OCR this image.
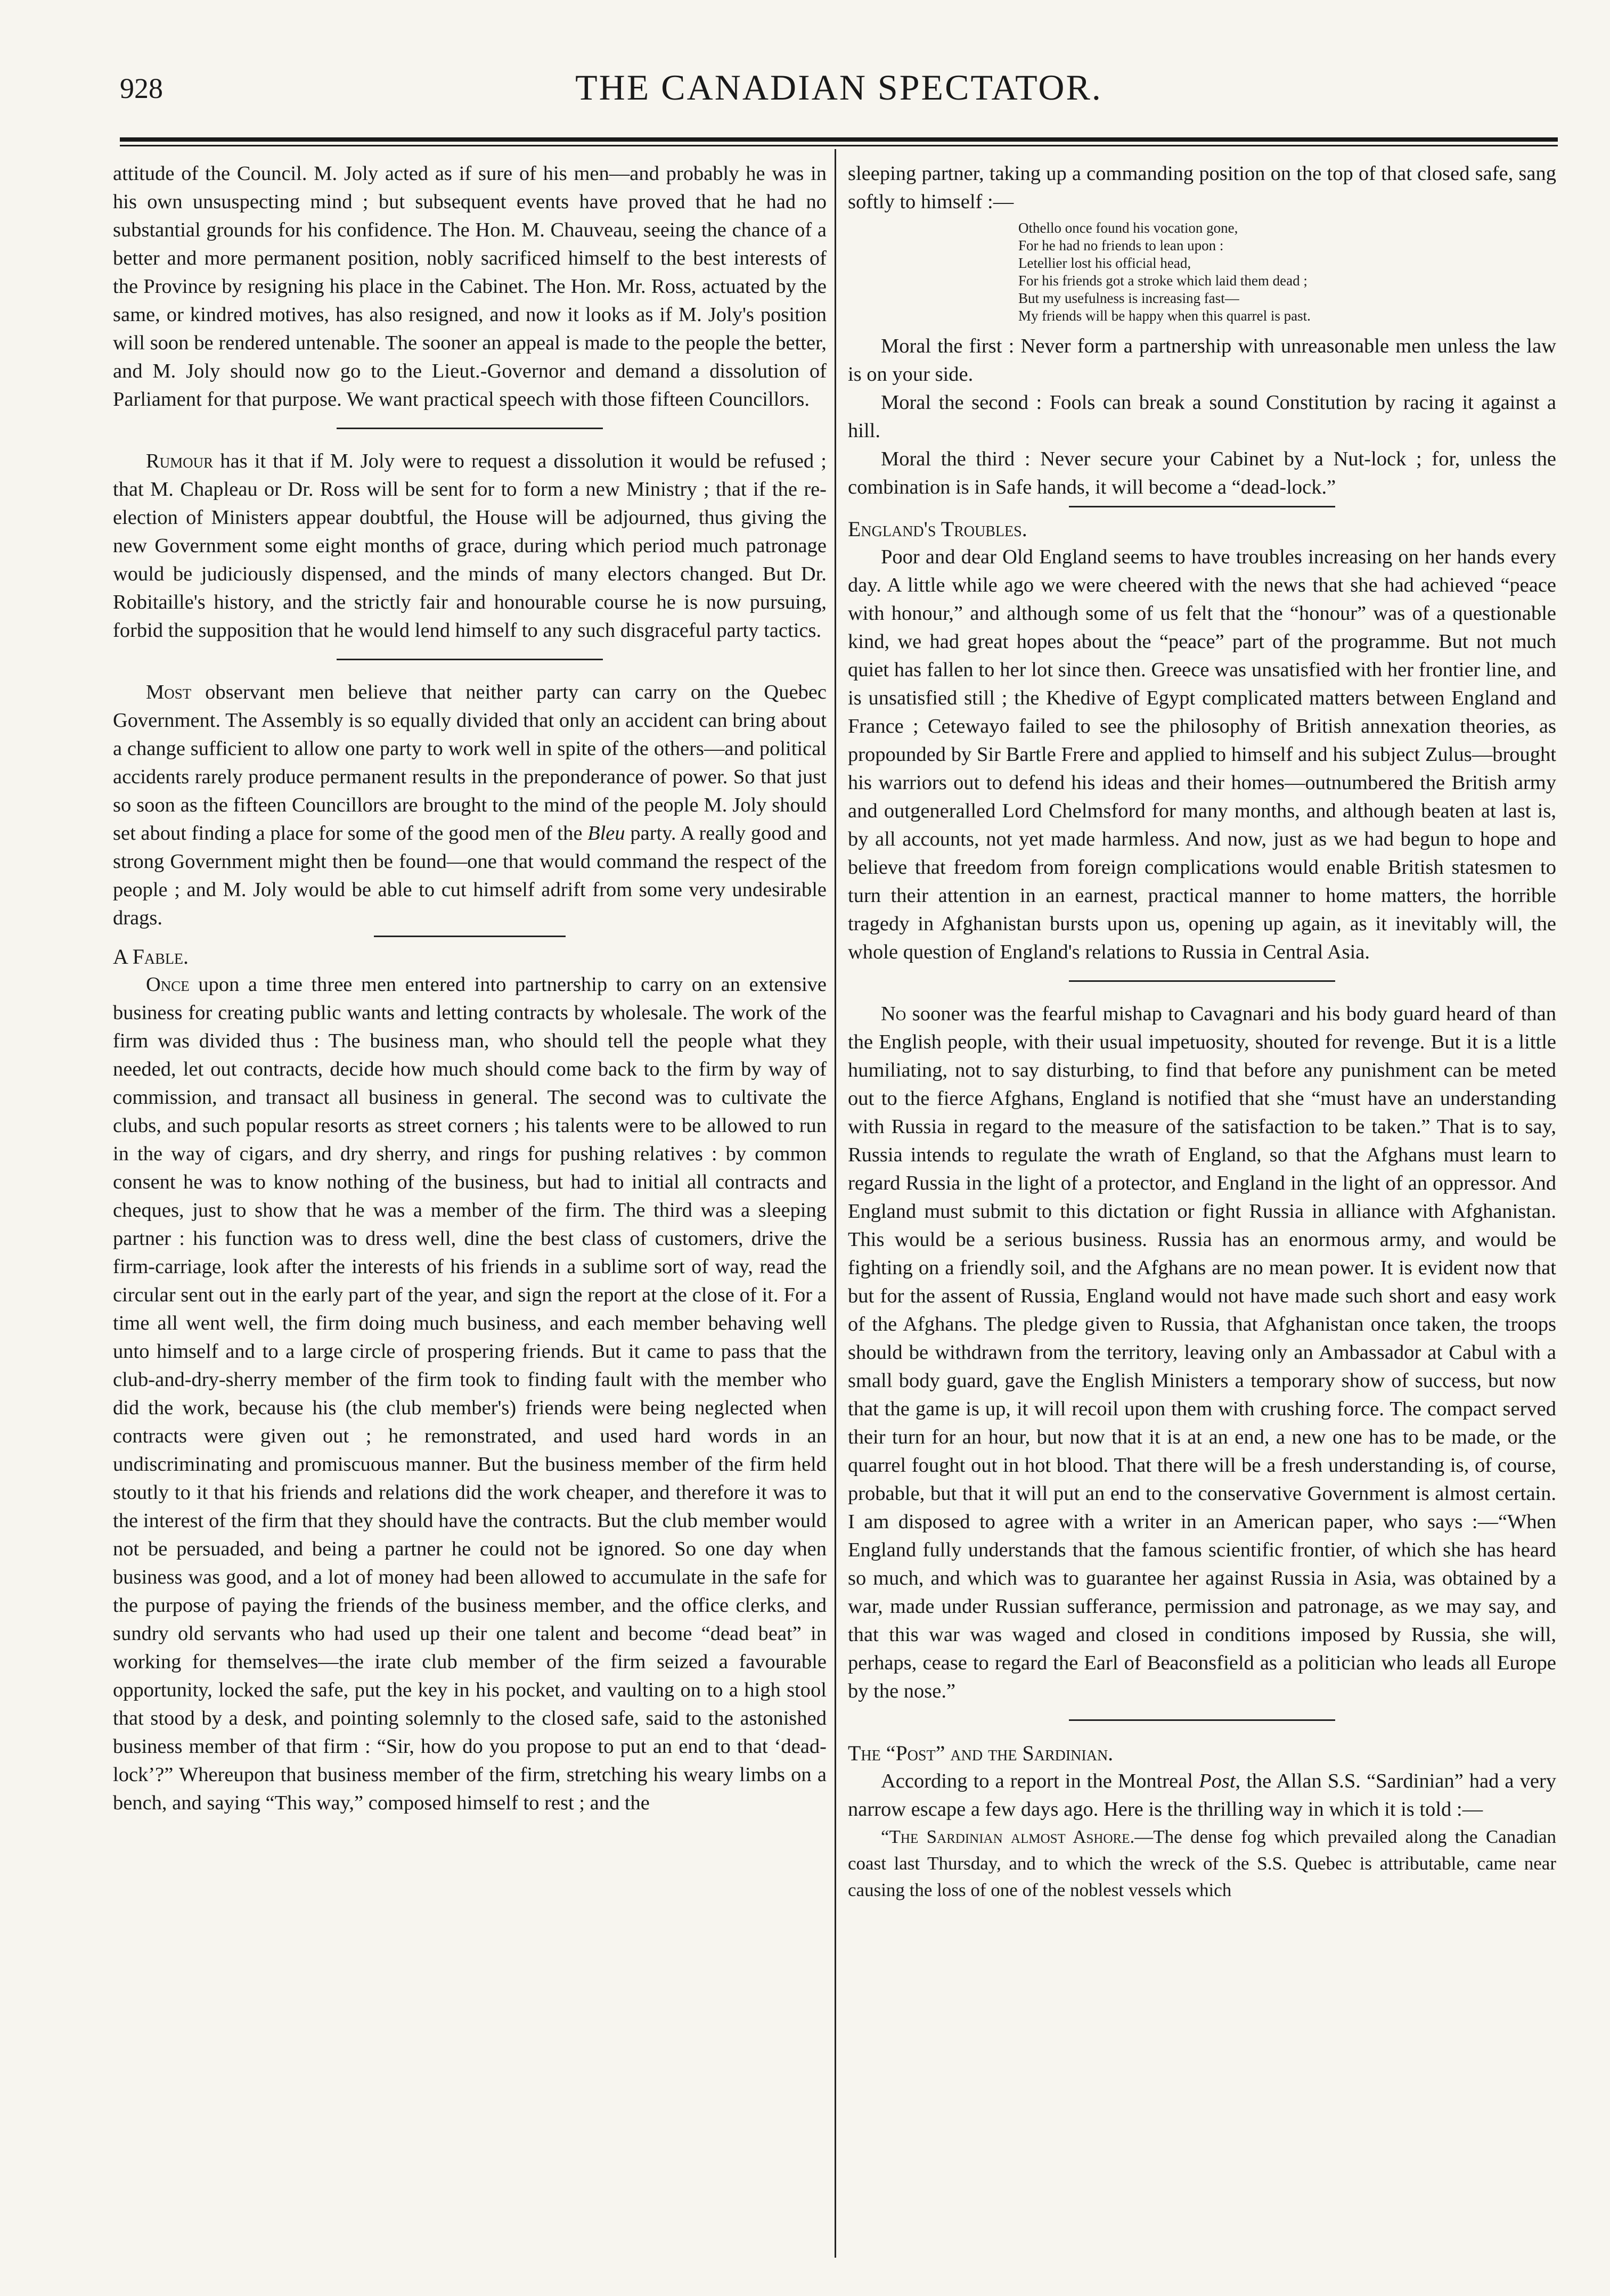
928	THE CANADIAN SPECTATOR.

attitude of the Council. M. Joly acted as if sure of his men—and probably he was in his own unsuspecting mind ; but subsequent events have proved that he had no substantial grounds for his confidence. The Hon. M. Chauveau, seeing the chance of a better and more permanent position, nobly sacrificed himself to the best interests of the Province by resigning his place in the Cabinet. The Hon. Mr. Ross, actuated by the same, or kindred motives, has also resigned, and now it looks as if M. Joly's position will soon be rendered untenable. The sooner an appeal is made to the people the better, and M. Joly should now go to the Lieut.-Governor and demand a dissolution of Parliament for that purpose. We want practical speech with those fifteen Councillors.

Rumour has it that if M. Joly were to request a dissolution it would be refused ; that M. Chapleau or Dr. Ross will be sent for to form a new Ministry ; that if the re-election of Ministers appear doubtful, the House will be adjourned, thus giving the new Government some eight months of grace, during which period much patronage would be judiciously dispensed, and the minds of many electors changed. But Dr. Robitaille's history, and the strictly fair and honourable course he is now pursuing, forbid the supposition that he would lend himself to any such disgraceful party tactics.

Most observant men believe that neither party can carry on the Quebec Government. The Assembly is so equally divided that only an accident can bring about a change sufficient to allow one party to work well in spite of the others—and political accidents rarely produce permanent results in the preponderance of power. So that just so soon as the fifteen Councillors are brought to the mind of the people M. Joly should set about finding a place for some of the good men of the Bleu party. A really good and strong Government might then be found—one that would command the respect of the people ; and M. Joly would be able to cut himself adrift from some very undesirable drags.

A Fable.

Once upon a time three men entered into partnership to carry on an extensive business for creating public wants and letting contracts by wholesale. The work of the firm was divided thus : The business man, who should tell the people what they needed, let out contracts, decide how much should come back to the firm by way of commission, and transact all business in general. The second was to cultivate the clubs, and such popular resorts as street corners ; his talents were to be allowed to run in the way of cigars, and dry sherry, and rings for pushing relatives : by common consent he was to know nothing of the business, but had to initial all contracts and cheques, just to show that he was a member of the firm. The third was a sleeping partner : his function was to dress well, dine the best class of customers, drive the firm-carriage, look after the interests of his friends in a sublime sort of way, read the circular sent out in the early part of the year, and sign the report at the close of it. For a time all went well, the firm doing much business, and each member behaving well unto himself and to a large circle of prospering friends. But it came to pass that the club-and-dry-sherry member of the firm took to finding fault with the member who did the work, because his (the club member's) friends were being neglected when contracts were given out ; he remonstrated, and used hard words in an undiscriminating and promiscuous manner. But the business member of the firm held stoutly to it that his friends and relations did the work cheaper, and therefore it was to the interest of the firm that they should have the contracts. But the club member would not be persuaded, and being a partner he could not be ignored. So one day when business was good, and a lot of money had been allowed to accumulate in the safe for the purpose of paying the friends of the business member, and the office clerks, and sundry old servants who had used up their one talent and become “dead beat” in working for themselves—the irate club member of the firm seized a favourable opportunity, locked the safe, put the key in his pocket, and vaulting on to a high stool that stood by a desk, and pointing solemnly to the closed safe, said to the astonished business member of that firm : “Sir, how do you propose to put an end to that ‘dead-lock’?” Whereupon that business member of the firm, stretching his weary limbs on a bench, and saying “This way,” composed himself to rest ; and the

sleeping partner, taking up a commanding position on the top of that closed safe, sang softly to himself :—

Othello once found his vocation gone,
For he had no friends to lean upon :
Letellier lost his official head,
For his friends got a stroke which laid them dead ;
But my usefulness is increasing fast—
My friends will be happy when this quarrel is past.

Moral the first : Never form a partnership with unreasonable men unless the law is on your side.

Moral the second : Fools can break a sound Constitution by racing it against a hill.

Moral the third : Never secure your Cabinet by a Nut-lock ; for, unless the combination is in Safe hands, it will become a “dead-lock.”

England's Troubles.

Poor and dear Old England seems to have troubles increasing on her hands every day. A little while ago we were cheered with the news that she had achieved “peace with honour,” and although some of us felt that the “honour” was of a questionable kind, we had great hopes about the “peace” part of the programme. But not much quiet has fallen to her lot since then. Greece was unsatisfied with her frontier line, and is unsatisfied still ; the Khedive of Egypt complicated matters between England and France ; Cetewayo failed to see the philosophy of British annexation theories, as propounded by Sir Bartle Frere and applied to himself and his subject Zulus—brought his warriors out to defend his ideas and their homes—outnumbered the British army and outgeneralled Lord Chelmsford for many months, and although beaten at last is, by all accounts, not yet made harmless. And now, just as we had begun to hope and believe that freedom from foreign complications would enable British statesmen to turn their attention in an earnest, practical manner to home matters, the horrible tragedy in Afghanistan bursts upon us, opening up again, as it inevitably will, the whole question of England's relations to Russia in Central Asia.

No sooner was the fearful mishap to Cavagnari and his body guard heard of than the English people, with their usual impetuosity, shouted for revenge. But it is a little humiliating, not to say disturbing, to find that before any punishment can be meted out to the fierce Afghans, England is notified that she “must have an understanding with Russia in regard to the measure of the satisfaction to be taken.” That is to say, Russia intends to regulate the wrath of England, so that the Afghans must learn to regard Russia in the light of a protector, and England in the light of an oppressor. And England must submit to this dictation or fight Russia in alliance with Afghanistan. This would be a serious business. Russia has an enormous army, and would be fighting on a friendly soil, and the Afghans are no mean power. It is evident now that but for the assent of Russia, England would not have made such short and easy work of the Afghans. The pledge given to Russia, that Afghanistan once taken, the troops should be withdrawn from the territory, leaving only an Ambassador at Cabul with a small body guard, gave the English Ministers a temporary show of success, but now that the game is up, it will recoil upon them with crushing force. The compact served their turn for an hour, but now that it is at an end, a new one has to be made, or the quarrel fought out in hot blood. That there will be a fresh understanding is, of course, probable, but that it will put an end to the conservative Government is almost certain. I am disposed to agree with a writer in an American paper, who says :—“When England fully understands that the famous scientific frontier, of which she has heard so much, and which was to guarantee her against Russia in Asia, was obtained by a war, made under Russian sufferance, permission and patronage, as we may say, and that this war was waged and closed in conditions imposed by Russia, she will, perhaps, cease to regard the Earl of Beaconsfield as a politician who leads all Europe by the nose.”

The “Post” and the Sardinian.

According to a report in the Montreal Post, the Allan S.S. “Sardinian” had a very narrow escape a few days ago. Here is the thrilling way in which it is told :—

“The Sardinian almost Ashore.—The dense fog which prevailed along the Canadian coast last Thursday, and to which the wreck of the S.S. Quebec is attributable, came near causing the loss of one of the noblest vessels which
